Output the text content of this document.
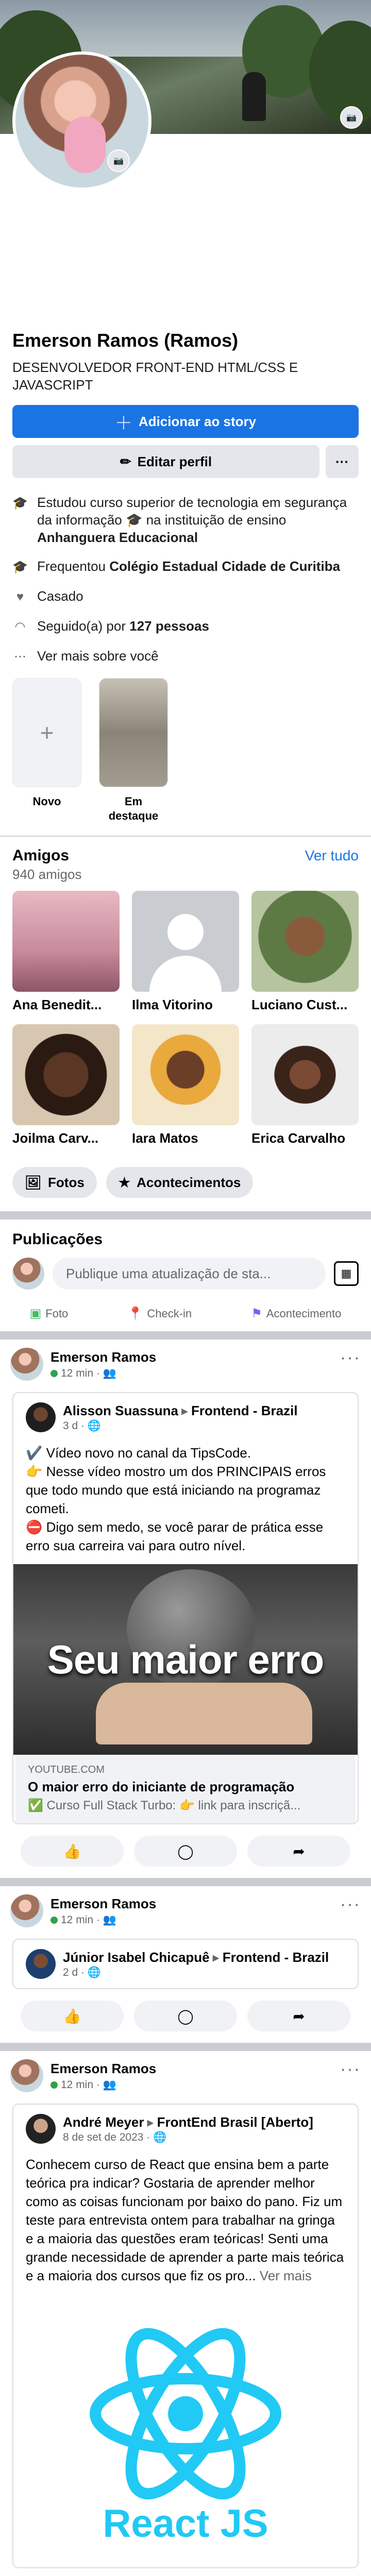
📷
📷
Emerson Ramos (Ramos)

DESENVOLVEDOR FRONT-END HTML/CSS E JAVASCRIPT

＋ Adicionar ao story
✏ Editar perfil	···
🎓 Estudou curso superior de tecnologia em segurança da informação 🎓 na instituição de ensino Anhanguera Educacional
🎓 Frequentou Colégio Estadual Cidade de Curitiba
♥ Casado
◠ Seguido(a) por 127 pessoas
⋯ Ver mais sobre você
+
Novo	Em destaque
Amigos	Ver tudo
940 amigos
Ana Benedit...	Ilma Vitorino	Luciano Cust...
Joilma Carv...	Iara Matos	Erica Carvalho
🖼 Fotos	★ Acontecimentos
Publicações
Publique uma atualização de sta...	▦
▣ Foto	📍 Check-in	⚑ Acontecimento
Emerson Ramos
12 min · 👥
···
Alisson Suassuna ▸ Frontend - Brazil
3 d · 🌐
✔️ Vídeo novo no canal da TipsCode.
👉 Nesse vídeo mostro um dos PRINCIPAIS erros que todo mundo que está iniciando na programaz cometi.
⛔ Digo sem medo, se você parar de prática esse erro sua carreira vai para outro nível.
Seu maior erro
YOUTUBE.COM
O maior erro do iniciante de programação
✅ Curso Full Stack Turbo: 👉 link para inscriçã...
👍	◯	➦
Emerson Ramos
12 min · 👥
···
Júnior Isabel Chicapuê ▸ Frontend - Brazil
2 d · 🌐
👍	◯	➦
Emerson Ramos
12 min · 👥
···
André Meyer ▸ FrontEnd Brasil [Aberto]
8 de set de 2023 · 🌐
Conhecem curso de React que ensina bem a parte teórica pra indicar? Gostaria de aprender melhor como as coisas funcionam por baixo do pano. Fiz um teste para entrevista ontem para trabalhar na gringa e a maioria das questões eram teóricas! Senti uma grande necessidade de aprender a parte mais teórica e a maioria dos cursos que fiz os pro... Ver mais
React JS
